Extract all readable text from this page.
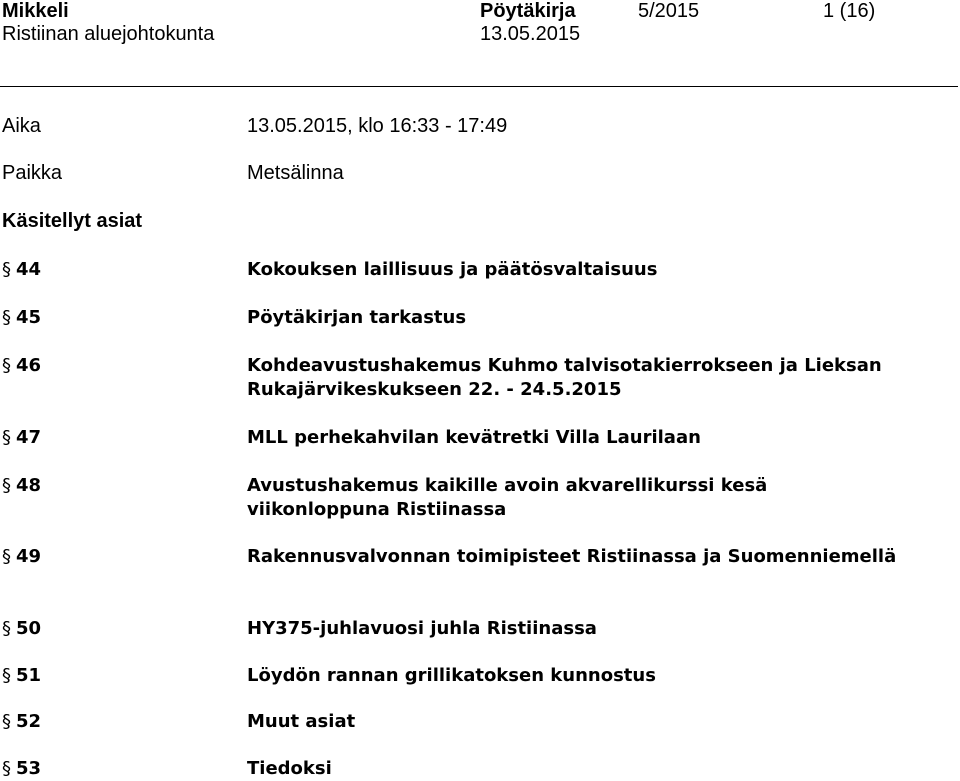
Mikkeli
Ristiinan aluejohtokunta
Pöytäkirja
13.05.2015
5/2015	1 (16)
Aika	13.05.2015, klo 16:33 - 17:49
Paikka	Metsälinna
Käsitellyt asiat
§ 44	Kokouksen laillisuus ja päätösvaltaisuus
§ 45	Pöytäkirjan tarkastus
§ 46	Kohdeavustushakemus Kuhmo talvisotakierrokseen ja Lieksan Rukajärvikeskukseen 22. - 24.5.2015
§ 47	MLL perhekahvilan kevätretki Villa Laurilaan
§ 48	Avustushakemus kaikille avoin akvarellikurssi kesä viikonloppuna Ristiinassa
§ 49	Rakennusvalvonnan toimipisteet Ristiinassa ja Suomenniemellä
§ 50	HY375-juhlavuosi juhla Ristiinassa
§ 51	Löydön rannan grillikatoksen kunnostus
§ 52	Muut asiat
§ 53	Tiedoksi
